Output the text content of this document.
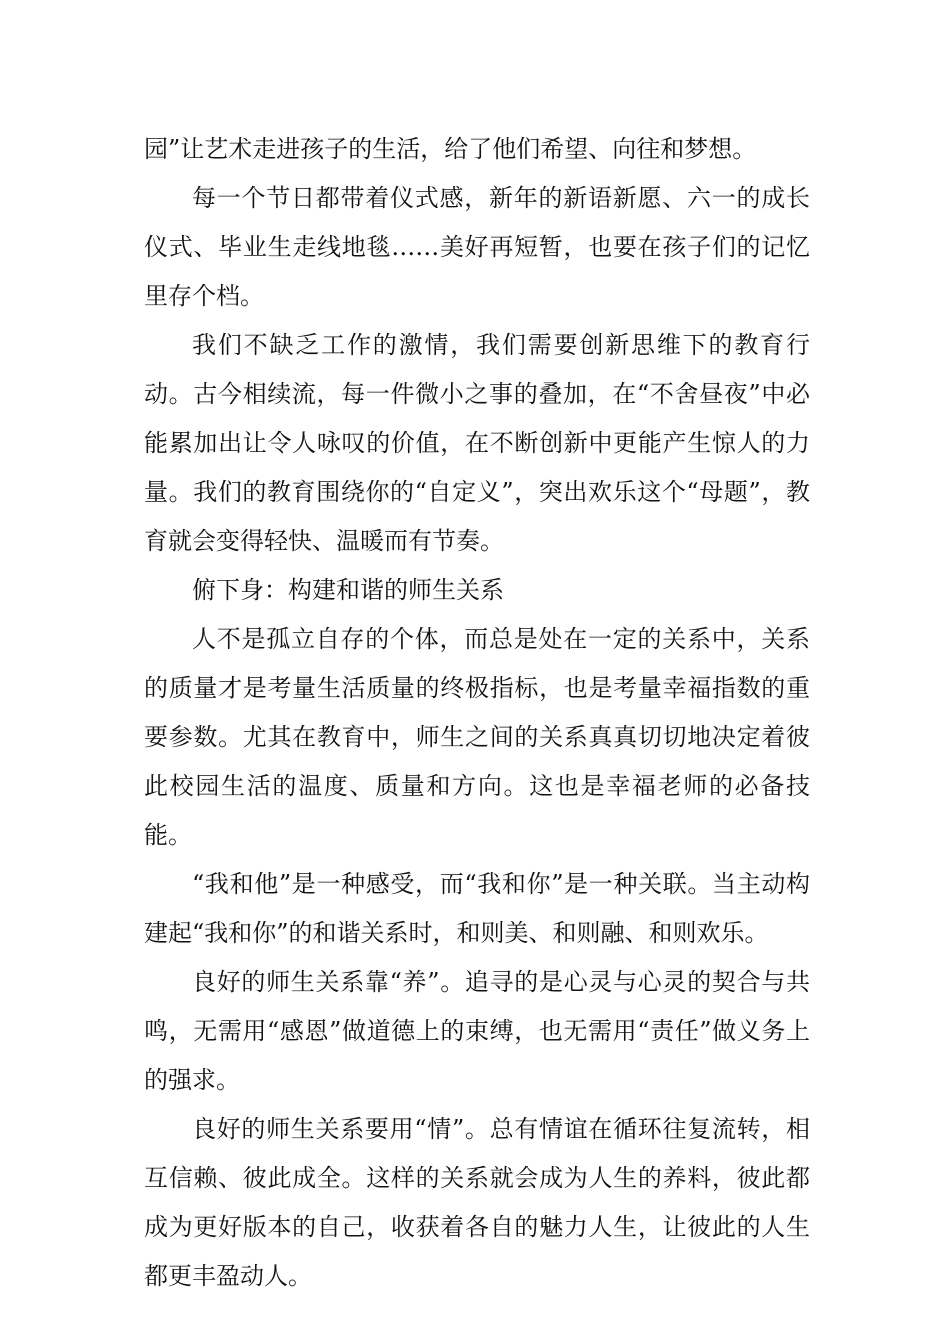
园”让艺术走进孩子的生活，给了他们希望、向往和梦想。

每一个节日都带着仪式感，新年的新语新愿、六一的成长仪式、毕业生走线地毯……美好再短暂，也要在孩子们的记忆里存个档。

我们不缺乏工作的激情，我们需要创新思维下的教育行动。古今相续流，每一件微小之事的叠加，在“不舍昼夜”中必能累加出让令人咏叹的价值，在不断创新中更能产生惊人的力量。我们的教育围绕你的“自定义”，突出欢乐这个“母题”，教育就会变得轻快、温暖而有节奏。

俯下身：构建和谐的师生关系

人不是孤立自存的个体，而总是处在一定的关系中，关系的质量才是考量生活质量的终极指标，也是考量幸福指数的重要参数。尤其在教育中，师生之间的关系真真切切地决定着彼此校园生活的温度、质量和方向。这也是幸福老师的必备技能。

“我和他”是一种感受，而“我和你”是一种关联。当主动构建起“我和你”的和谐关系时，和则美、和则融、和则欢乐。

良好的师生关系靠“养”。追寻的是心灵与心灵的契合与共鸣，无需用“感恩”做道德上的束缚，也无需用“责任”做义务上的强求。

良好的师生关系要用“情”。总有情谊在循环往复流转，相互信赖、彼此成全。这样的关系就会成为人生的养料，彼此都成为更好版本的自己，收获着各自的魅力人生，让彼此的人生都更丰盈动人。
